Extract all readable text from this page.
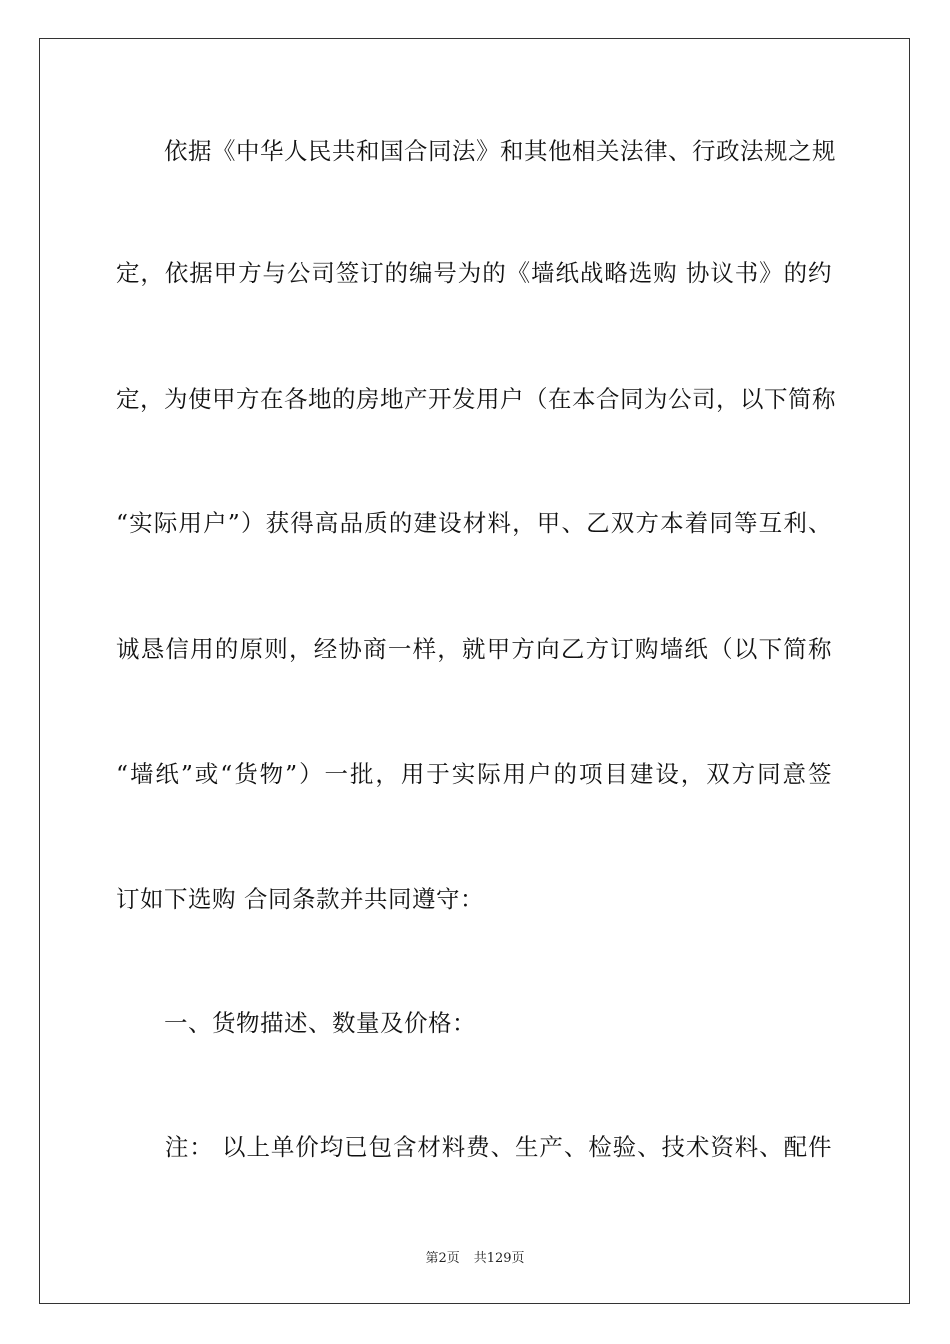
　　依据《中华人民共和国合同法》和其他相关法律、行政法规之规
定，依据甲方与公司签订的编号为的《墙纸战略选购 协议书》的约
定，为使甲方在各地的房地产开发用户（在本合同为公司，以下简称
“实际用户”）获得高品质的建设材料，甲、乙双方本着同等互利、
诚恳信用的原则，经协商一样，就甲方向乙方订购墙纸（以下简称
“墙纸”或“货物”）一批，用于实际用户的项目建设，双方同意签
订如下选购 合同条款并共同遵守：
　　一、货物描述、数量及价格：
　　注： 以上单价均已包含材料费、生产、检验、技术资料、配件
第2页 共129页
